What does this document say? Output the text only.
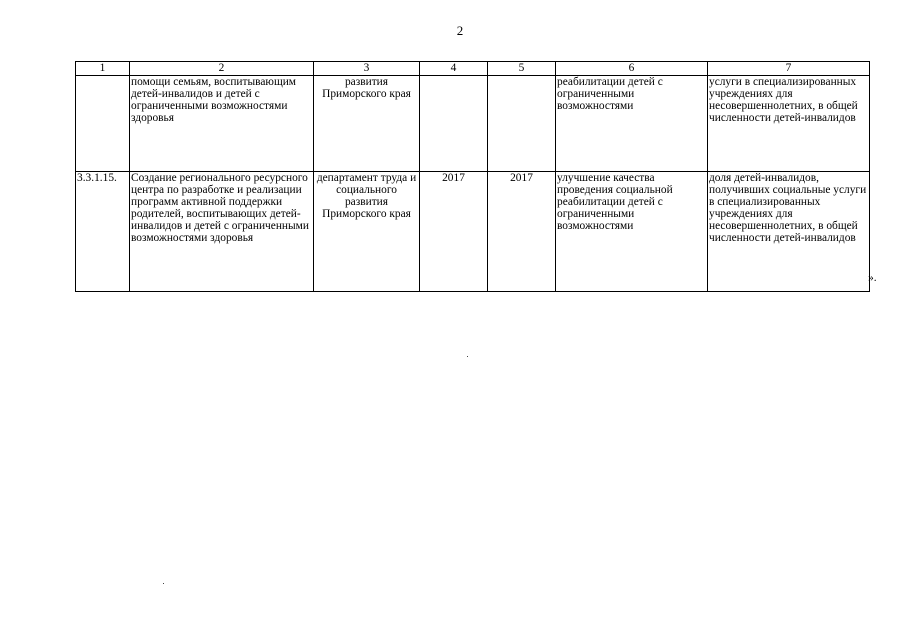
2
1	2	3	4	5	6	7
	помощи семьям, воспитывающим детей-инвалидов и детей с ограниченными возможностями здоровья	развития Приморского края			реабилитации детей с ограниченными возможностями	услуги в специализированных учреждениях для несовершеннолетних, в общей численности детей-инвалидов
3.3.1.15.	Создание регионального ресурсного центра по разработке и реализации программ активной поддержки родителей, воспитывающих детей-инвалидов и детей с ограниченными возможностями здоровья	департамент труда и социального развития Приморского края	2017	2017	улучшение качества проведения социальной реабилитации детей с ограниченными возможностями	доля детей-инвалидов, получивших социальные услуги в специализированных учреждениях для несовершеннолетних, в общей численности детей-инвалидов
».
